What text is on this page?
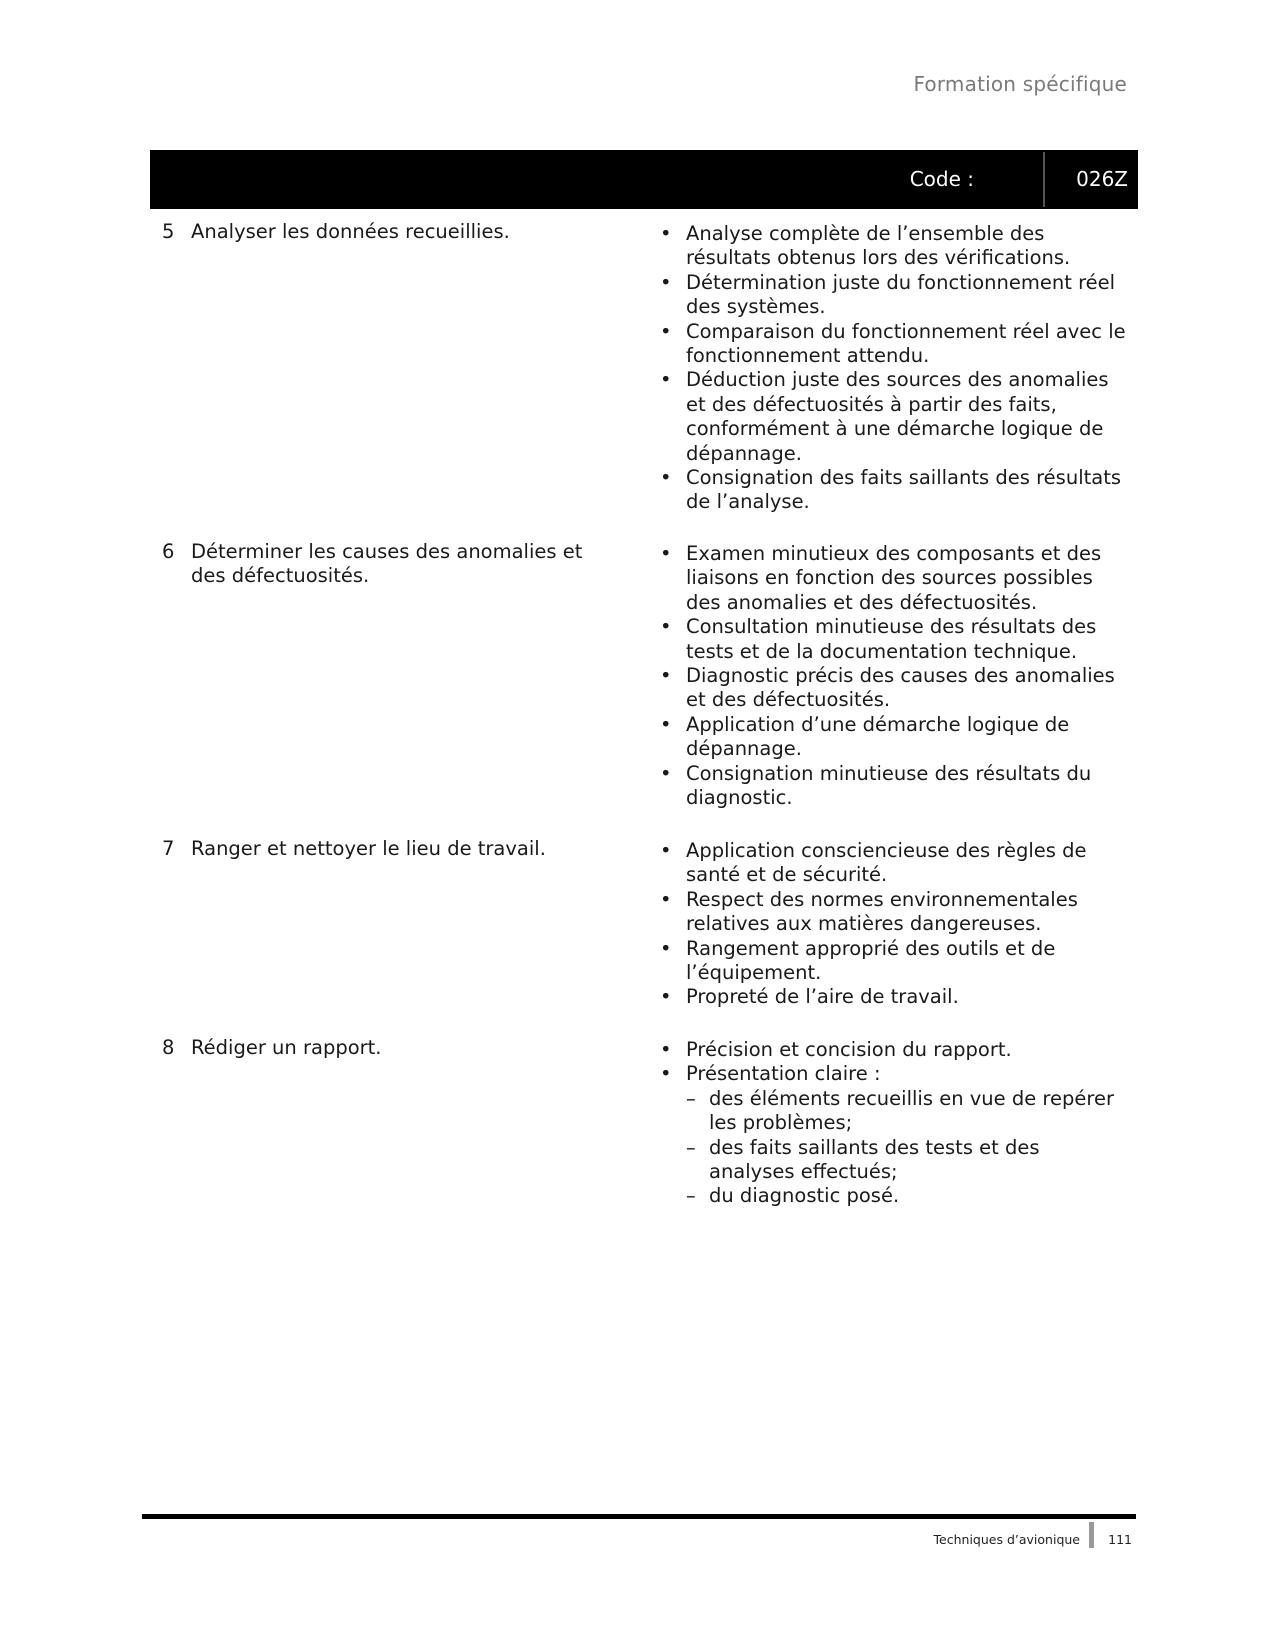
Formation spécifique
Code :	026Z
5 Analyser les données recueillies.	• Analyse complète de l’ensemble des résultats obtenus lors des vérifications.
• Détermination juste du fonctionnement réel des systèmes.
• Comparaison du fonctionnement réel avec le fonctionnement attendu.
• Déduction juste des sources des anomalies et des défectuosités à partir des faits, conformément à une démarche logique de dépannage.
• Consignation des faits saillants des résultats de l’analyse.
6 Déterminer les causes des anomalies et des défectuosités.
• Examen minutieux des composants et des liaisons en fonction des sources possibles des anomalies et des défectuosités.
• Consultation minutieuse des résultats des tests et de la documentation technique.
• Diagnostic précis des causes des anomalies et des défectuosités.
• Application d’une démarche logique de dépannage.
• Consignation minutieuse des résultats du diagnostic.
7 Ranger et nettoyer le lieu de travail.	• Application consciencieuse des règles de santé et de sécurité.
• Respect des normes environnementales relatives aux matières dangereuses.
• Rangement approprié des outils et de l’équipement.
• Propreté de l’aire de travail.
8 Rédiger un rapport.	• Précision et concision du rapport.
• Présentation claire :
– des éléments recueillis en vue de repérer les problèmes;
– des faits saillants des tests et des analyses effectués;
– du diagnostic posé.
Techniques d’avionique 111
